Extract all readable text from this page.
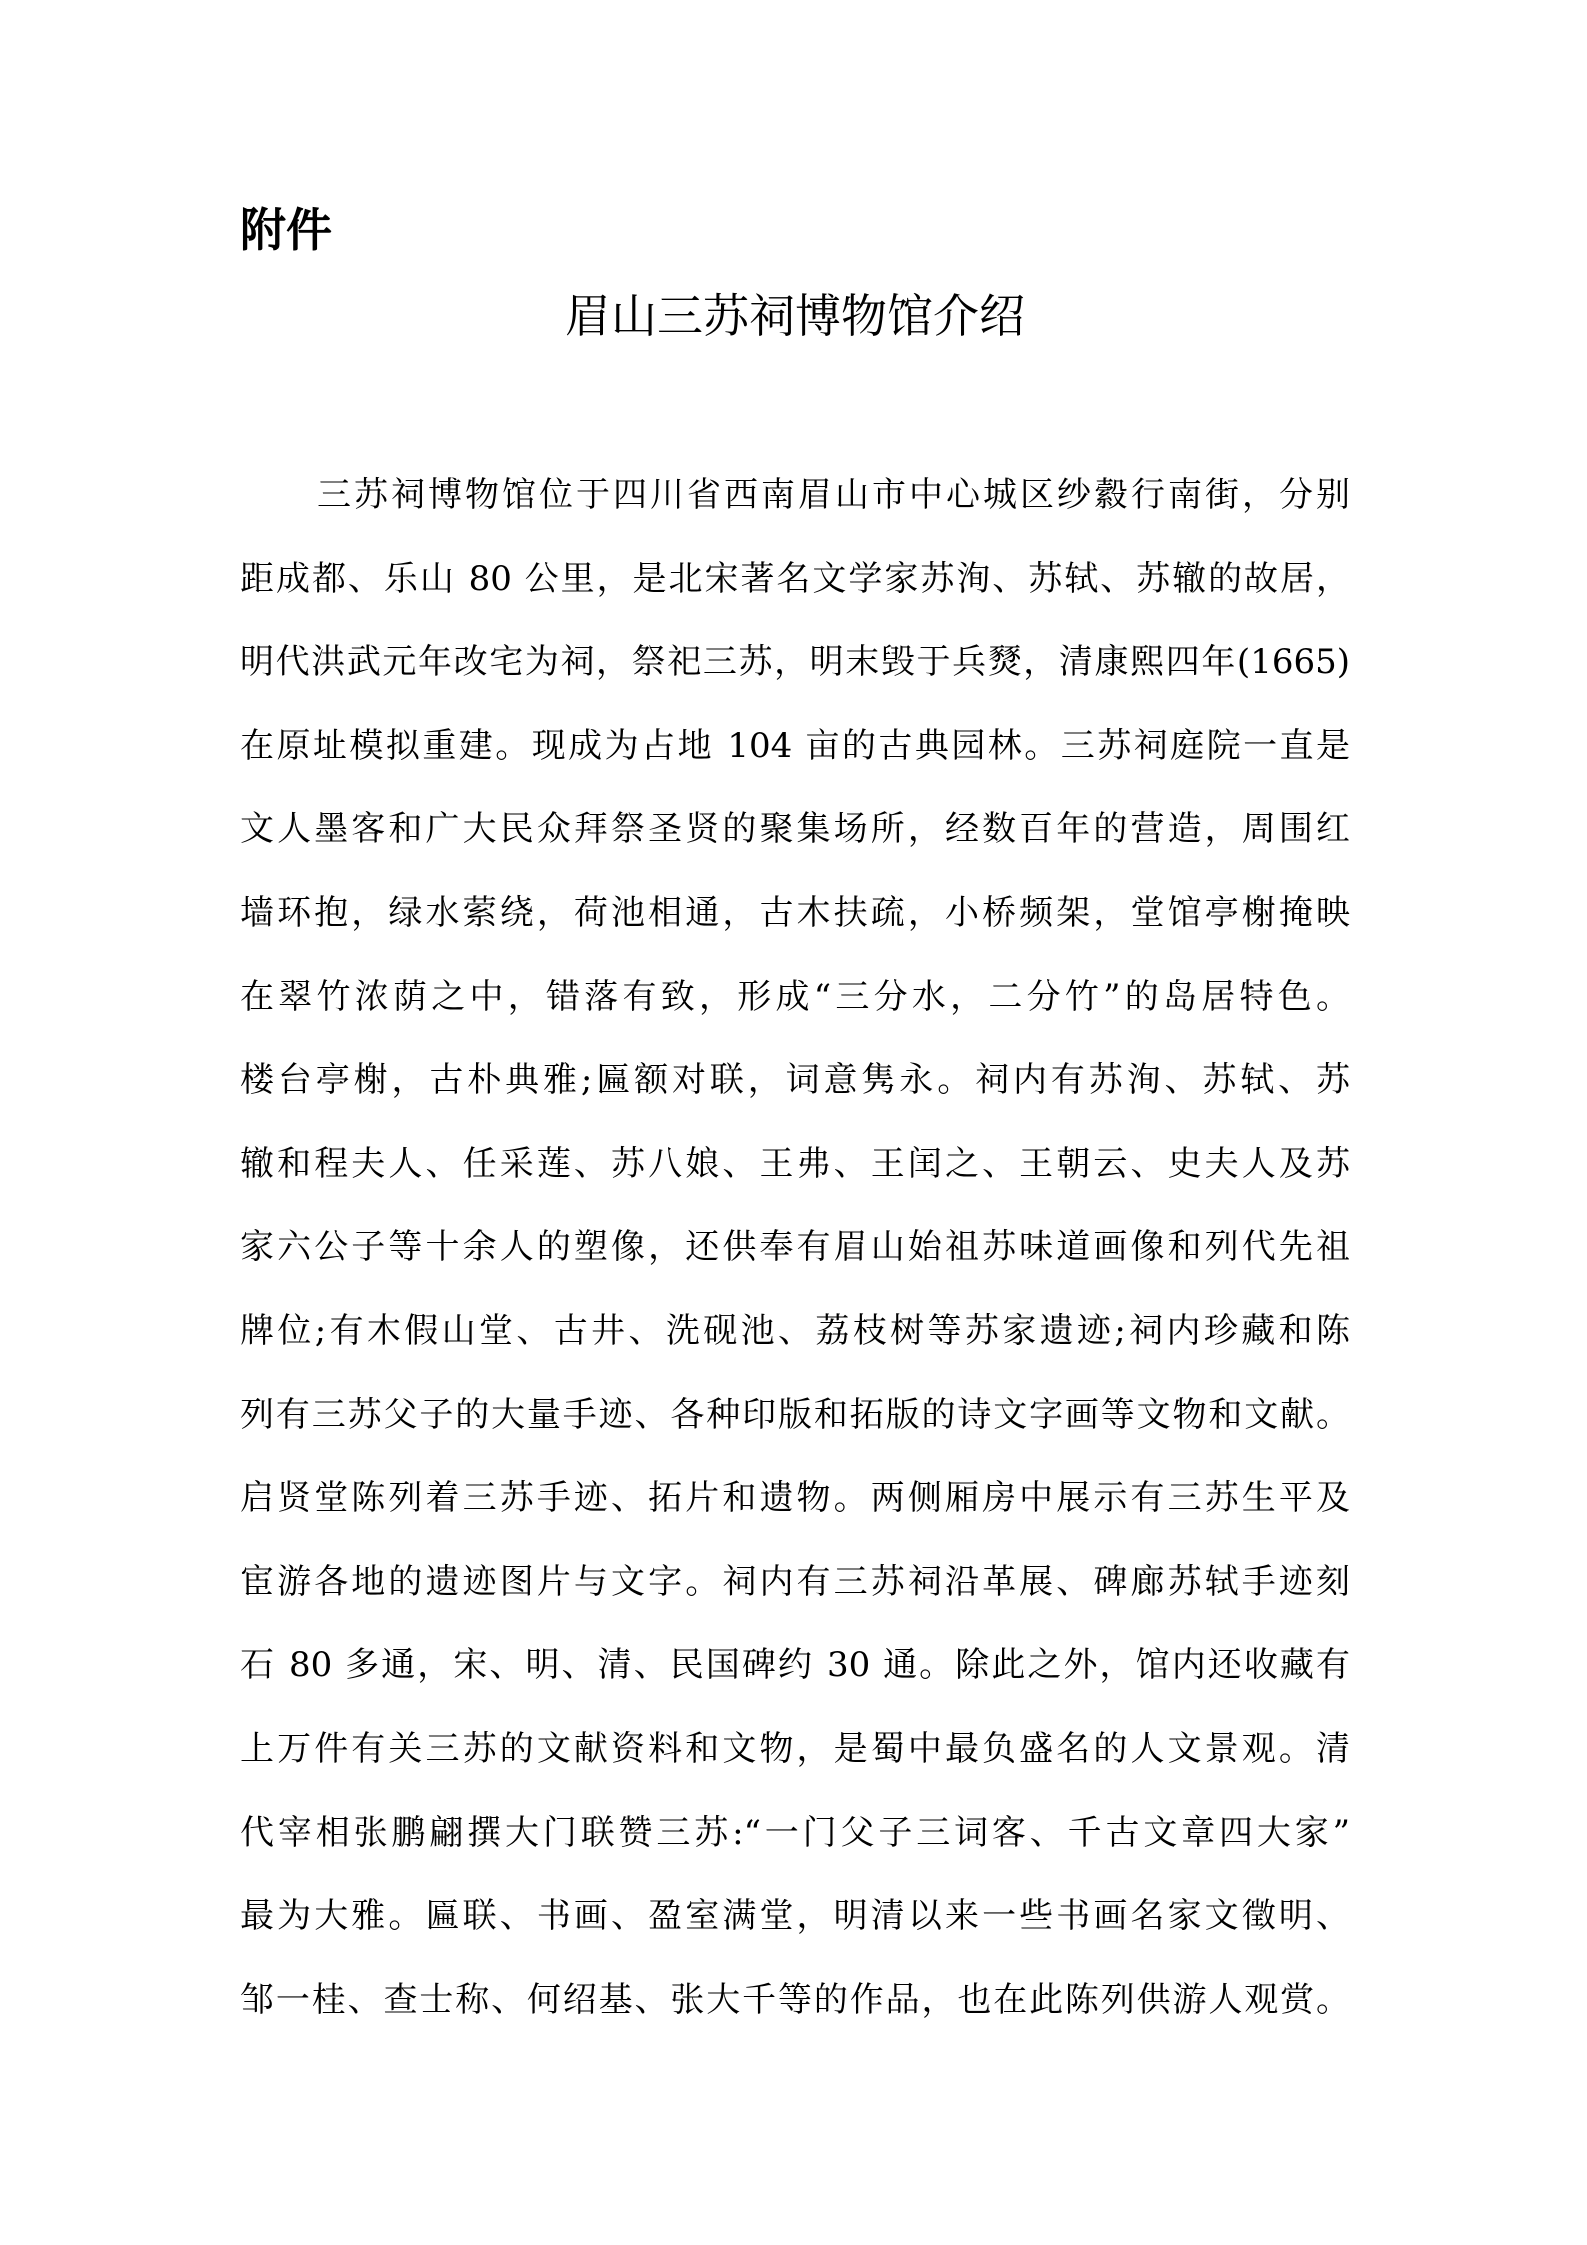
附件
眉山三苏祠博物馆介绍
三苏祠博物馆位于四川省西南眉山市中心城区纱縠行南街，分别
距成都、乐山 80 公里，是北宋著名文学家苏洵、苏轼、苏辙的故居，
明代洪武元年改宅为祠，祭祀三苏，明末毁于兵燹，清康熙四年(1665)
在原址模拟重建。现成为占地 104 亩的古典园林。三苏祠庭院一直是
文人墨客和广大民众拜祭圣贤的聚集场所，经数百年的营造，周围红
墙环抱，绿水萦绕，荷池相通，古木扶疏，小桥频架，堂馆亭榭掩映
在翠竹浓荫之中，错落有致，形成“三分水，二分竹”的岛居特色。
楼台亭榭，古朴典雅;匾额对联，词意隽永。祠内有苏洵、苏轼、苏
辙和程夫人、任采莲、苏八娘、王弗、王闰之、王朝云、史夫人及苏
家六公子等十余人的塑像，还供奉有眉山始祖苏味道画像和列代先祖
牌位;有木假山堂、古井、洗砚池、荔枝树等苏家遗迹;祠内珍藏和陈
列有三苏父子的大量手迹、各种印版和拓版的诗文字画等文物和文献。
启贤堂陈列着三苏手迹、拓片和遗物。两侧厢房中展示有三苏生平及
宦游各地的遗迹图片与文字。祠内有三苏祠沿革展、碑廊苏轼手迹刻
石 80 多通，宋、明、清、民国碑约 30 通。除此之外，馆内还收藏有
上万件有关三苏的文献资料和文物，是蜀中最负盛名的人文景观。清
代宰相张鹏翩撰大门联赞三苏:“一门父子三词客、千古文章四大家”
最为大雅。匾联、书画、盈室满堂，明清以来一些书画名家文徵明、
邹一桂、查士称、何绍基、张大千等的作品，也在此陈列供游人观赏。
